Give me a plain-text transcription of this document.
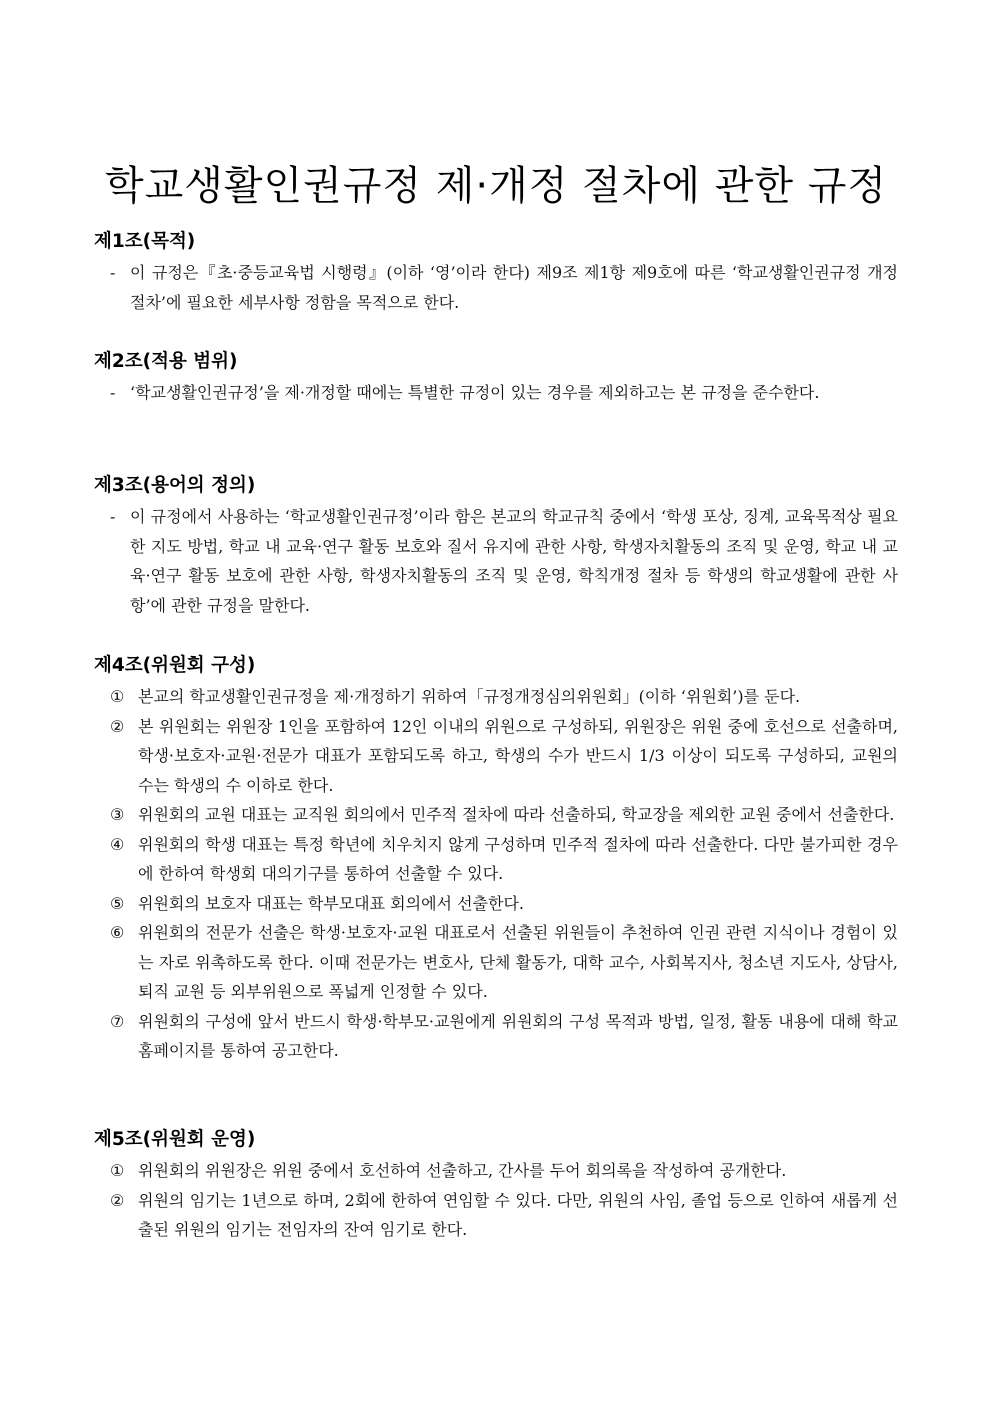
학교생활인권규정 제·개정 절차에 관한 규정
제1조(목적)
- 이 규정은『초·중등교육법 시행령』(이하 ‘영’이라 한다) 제9조 제1항 제9호에 따른 ‘학교생활인권규정 개정 절차’에 필요한 세부사항 정함을 목적으로 한다.
제2조(적용 범위)
- ‘학교생활인권규정’을 제·개정할 때에는 특별한 규정이 있는 경우를 제외하고는 본 규정을 준수한다.
제3조(용어의 정의)
- 이 규정에서 사용하는 ‘학교생활인권규정’이라 함은 본교의 학교규칙 중에서 ‘학생 포상, 징계, 교육목적상 필요한 지도 방법, 학교 내 교육·연구 활동 보호와 질서 유지에 관한 사항, 학생자치활동의 조직 및 운영, 학교 내 교육·연구 활동 보호에 관한 사항, 학생자치활동의 조직 및 운영, 학칙개정 절차 등 학생의 학교생활에 관한 사항’에 관한 규정을 말한다.
제4조(위원회 구성)
① 본교의 학교생활인권규정을 제·개정하기 위하여「규정개정심의위원회」(이하 ‘위원회’)를 둔다.
② 본 위원회는 위원장 1인을 포함하여 12인 이내의 위원으로 구성하되, 위원장은 위원 중에 호선으로 선출하며, 학생·보호자·교원·전문가 대표가 포함되도록 하고, 학생의 수가 반드시 1/3 이상이 되도록 구성하되, 교원의 수는 학생의 수 이하로 한다.
③ 위원회의 교원 대표는 교직원 회의에서 민주적 절차에 따라 선출하되, 학교장을 제외한 교원 중에서 선출한다.
④ 위원회의 학생 대표는 특정 학년에 치우치지 않게 구성하며 민주적 절차에 따라 선출한다. 다만 불가피한 경우에 한하여 학생회 대의기구를 통하여 선출할 수 있다.
⑤ 위원회의 보호자 대표는 학부모대표 회의에서 선출한다.
⑥ 위원회의 전문가 선출은 학생·보호자·교원 대표로서 선출된 위원들이 추천하여 인권 관련 지식이나 경험이 있는 자로 위촉하도록 한다. 이때 전문가는 변호사, 단체 활동가, 대학 교수, 사회복지사, 청소년 지도사, 상담사, 퇴직 교원 등 외부위원으로 폭넓게 인정할 수 있다.
⑦ 위원회의 구성에 앞서 반드시 학생·학부모·교원에게 위원회의 구성 목적과 방법, 일정, 활동 내용에 대해 학교 홈페이지를 통하여 공고한다.
제5조(위원회 운영)
① 위원회의 위원장은 위원 중에서 호선하여 선출하고, 간사를 두어 회의록을 작성하여 공개한다.
② 위원의 임기는 1년으로 하며, 2회에 한하여 연임할 수 있다. 다만, 위원의 사임, 졸업 등으로 인하여 새롭게 선출된 위원의 임기는 전임자의 잔여 임기로 한다.
